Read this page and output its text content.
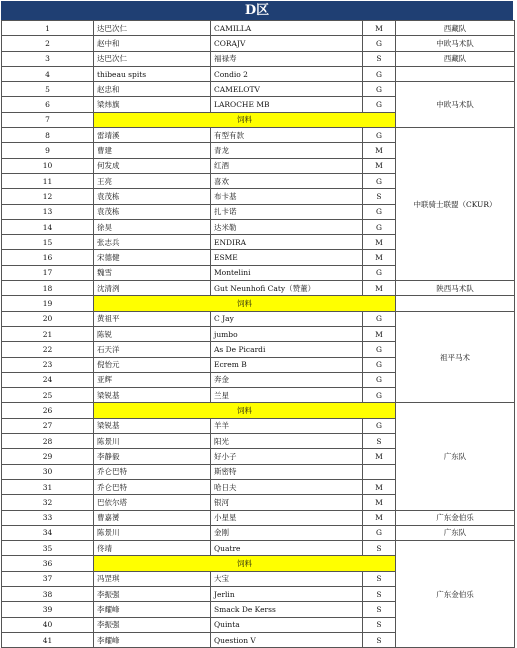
D区
1	达巴次仁	CAMILLA	M	西藏队
2	赵中和	CORAJV	G	中欧马术队
3	达巴次仁	福禄寿	S	西藏队
4	thibeau spits	Condio 2	G	
5	赵忠和	CAMELOTV	G	中欧马术队
6	梁炜旗	LAROCHE MB	G	
7	饲料			
8	雷靖溪	有型有款	G	中联骑士联盟（CKUR）
9	曹建	青龙	M	
10	何发成	红酒	M	
11	王亮	喜欢	G	
12	袁茂栋	布卡基	S	
13	袁茂栋	扎卡诺	G	
14	徐昊	达米勒	G	
15	张志兵	ENDIRA	M	
16	宋德健	ESME	M	
17	魏雪	Montelini	G	
18	沈清洌	Gut Neunhofi Caty（赞董）	M	陕西马术队
19	饲料			
20	黄祖平	C Jay	G	祖平马术
21	陈锐	jumbo	M	
22	石天洋	As De Picardi	G	
23	倪怡元	Ecrem B	G	
24	亚辉	奔金	G	
25	梁锐基	兰星	G	
26	饲料			广东队
27	梁锐基	羊羊	G	
28	陈景川	阳光	S	
29	李静毅	好小子	M	
30	乔仑巴特	斯密特		
31	乔仑巴特	哈日夫	M	
32	巴依尔塔	银河	M	
33	曹嘉赟	小星星	M	广东金伯乐
34	陈景川	金刚	G	广东队
35	佟靖	Quatre	S	广东金伯乐
36	饲料			
37	冯罡琪	大宝	S	
38	李振强	Jerlin	S	
39	李耀峰	Smack De Kerss	S	
40	李振强	Quinta	S	
41	李耀峰	Question V	S	
